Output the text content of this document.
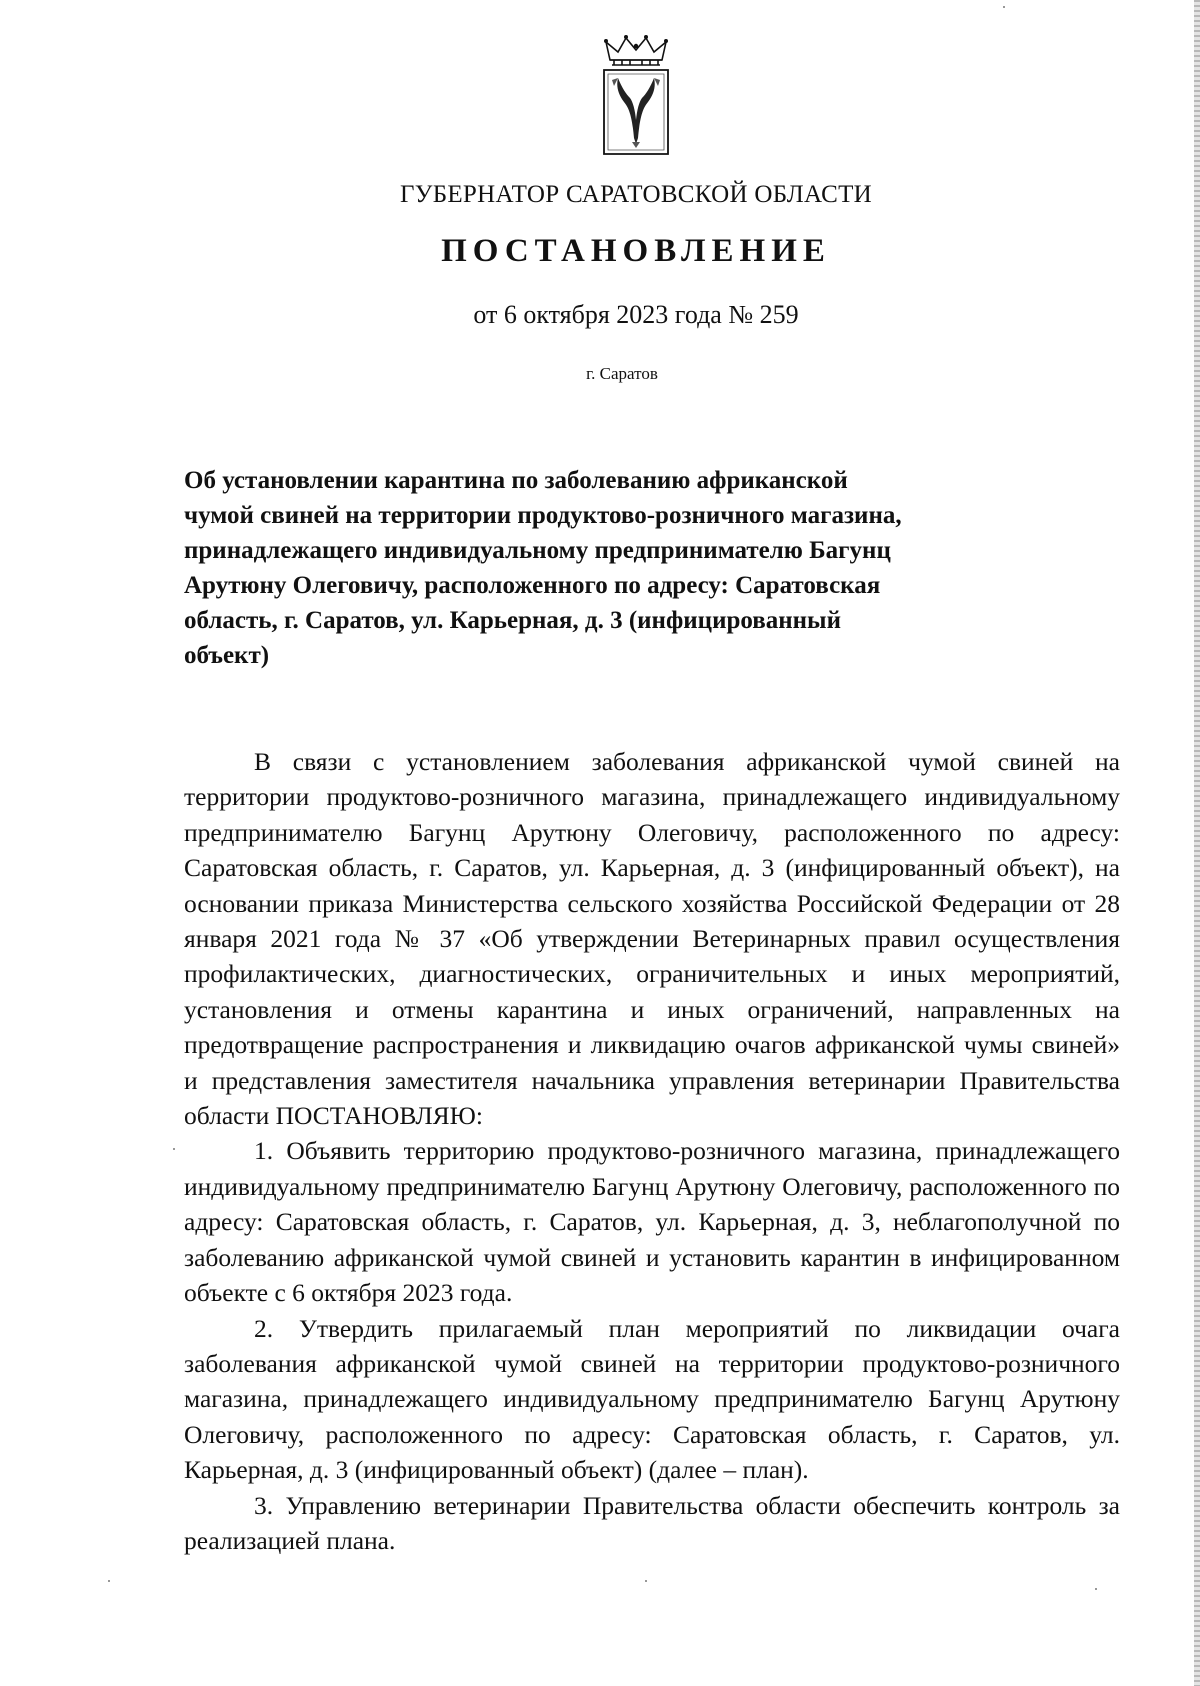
ГУБЕРНАТОР САРАТОВСКОЙ ОБЛАСТИ
ПОСТАНОВЛЕНИЕ
от 6 октября 2023 года № 259
г. Саратов

Об установлении карантина по заболеванию африканской чумой свиней на территории продуктово-розничного магазина, принадлежащего индивидуальному предпринимателю Багунц Арутюну Олеговичу, расположенного по адресу: Саратовская область, г. Саратов, ул. Карьерная, д. 3 (инфицированный объект)

В связи с установлением заболевания африканской чумой свиней на территории продуктово-розничного магазина, принадлежащего индивидуальному предпринимателю Багунц Арутюну Олеговичу, расположенного по адресу: Саратовская область, г. Саратов, ул. Карьерная, д. 3 (инфицированный объект), на основании приказа Министерства сельского хозяйства Российской Федерации от 28 января 2021 года № 37 «Об утверждении Ветеринарных правил осуществления профилактических, диагностических, ограничительных и иных мероприятий, установления и отмены карантина и иных ограничений, направленных на предотвращение распространения и ликвидацию очагов африканской чумы свиней» и представления заместителя начальника управления ветеринарии Правительства области ПОСТАНОВЛЯЮ:

1. Объявить территорию продуктово-розничного магазина, принадлежащего индивидуальному предпринимателю Багунц Арутюну Олеговичу, расположенного по адресу: Саратовская область, г. Саратов, ул. Карьерная, д. 3, неблагополучной по заболеванию африканской чумой свиней и установить карантин в инфицированном объекте с 6 октября 2023 года.

2. Утвердить прилагаемый план мероприятий по ликвидации очага заболевания африканской чумой свиней на территории продуктово-розничного магазина, принадлежащего индивидуальному предпринимателю Багунц Арутюну Олеговичу, расположенного по адресу: Саратовская область, г. Саратов, ул. Карьерная, д. 3 (инфицированный объект) (далее – план).

3. Управлению ветеринарии Правительства области обеспечить контроль за реализацией плана.
